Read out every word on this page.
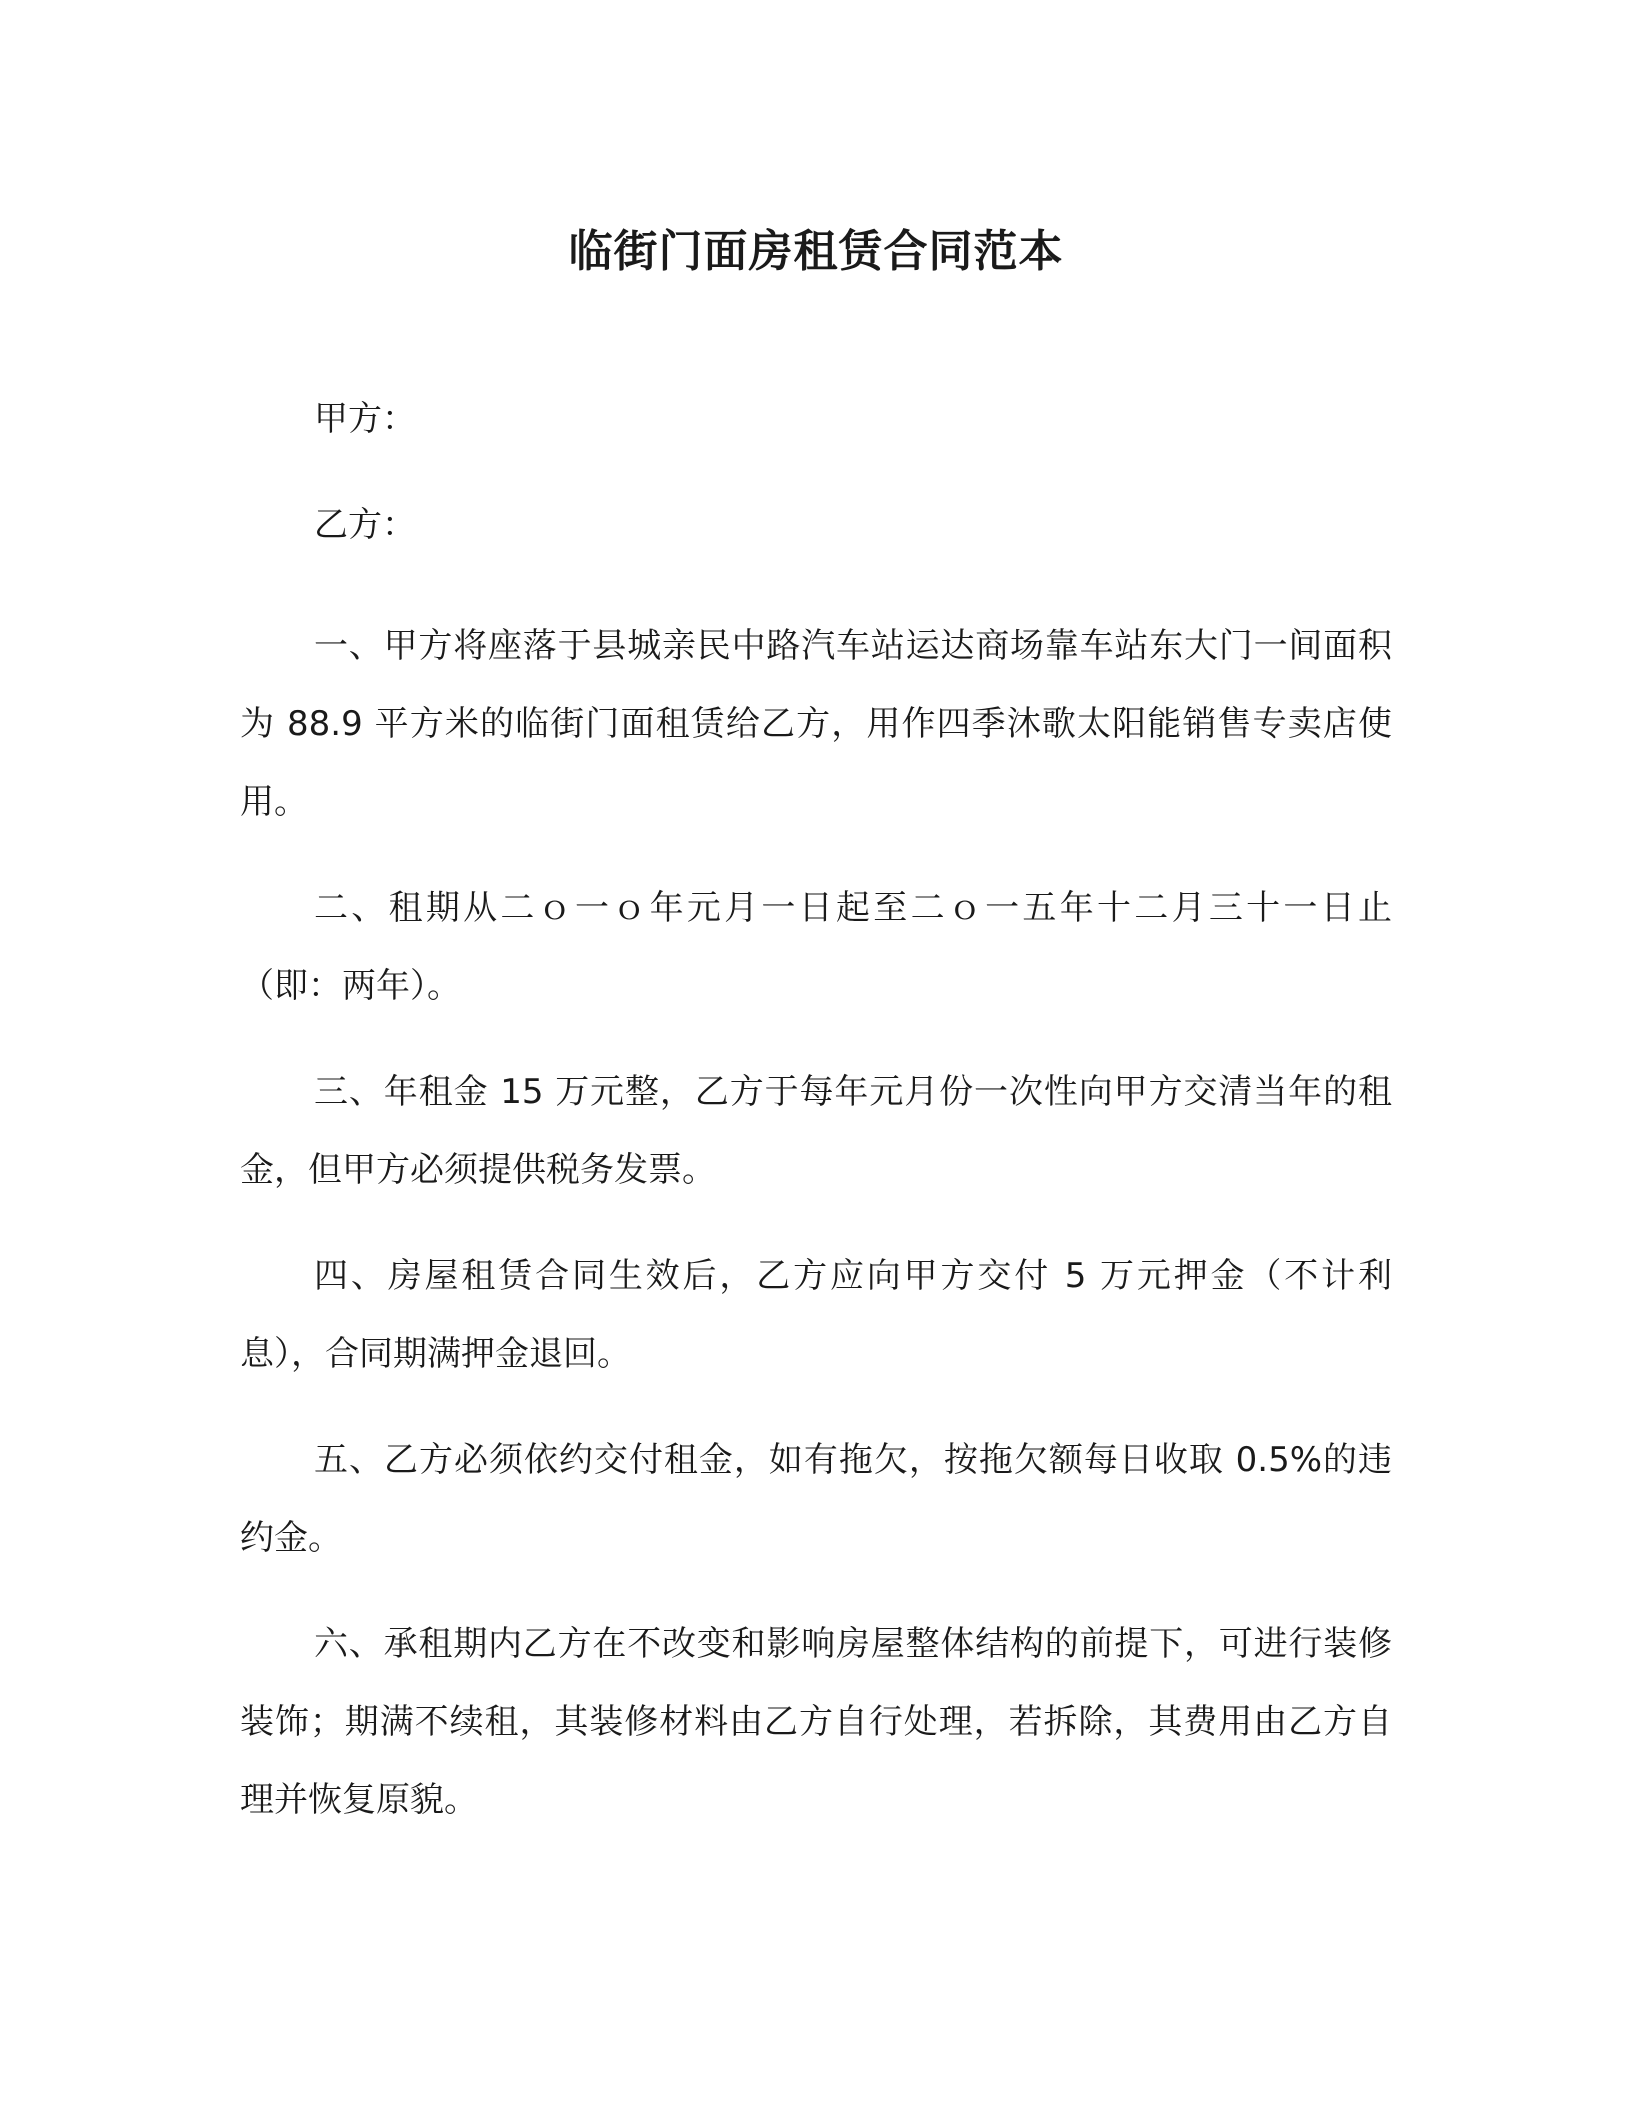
临街门面房租赁合同范本
甲方：
乙方：

一、甲方将座落于县城亲民中路汽车站运达商场靠车站东大门一间面积为 88.9 平方米的临街门面租赁给乙方，用作四季沐歌太阳能销售专卖店使用。

二、租期从二ｏ一ｏ年元月一日起至二ｏ一五年十二月三十一日止（即：两年）。

三、年租金 15 万元整，乙方于每年元月份一次性向甲方交清当年的租金，但甲方必须提供税务发票。

四、房屋租赁合同生效后，乙方应向甲方交付 5 万元押金（不计利息），合同期满押金退回。

五、乙方必须依约交付租金，如有拖欠，按拖欠额每日收取 0.5%的违约金。

六、承租期内乙方在不改变和影响房屋整体结构的前提下，可进行装修装饰；期满不续租，其装修材料由乙方自行处理，若拆除，其费用由乙方自理并恢复原貌。
